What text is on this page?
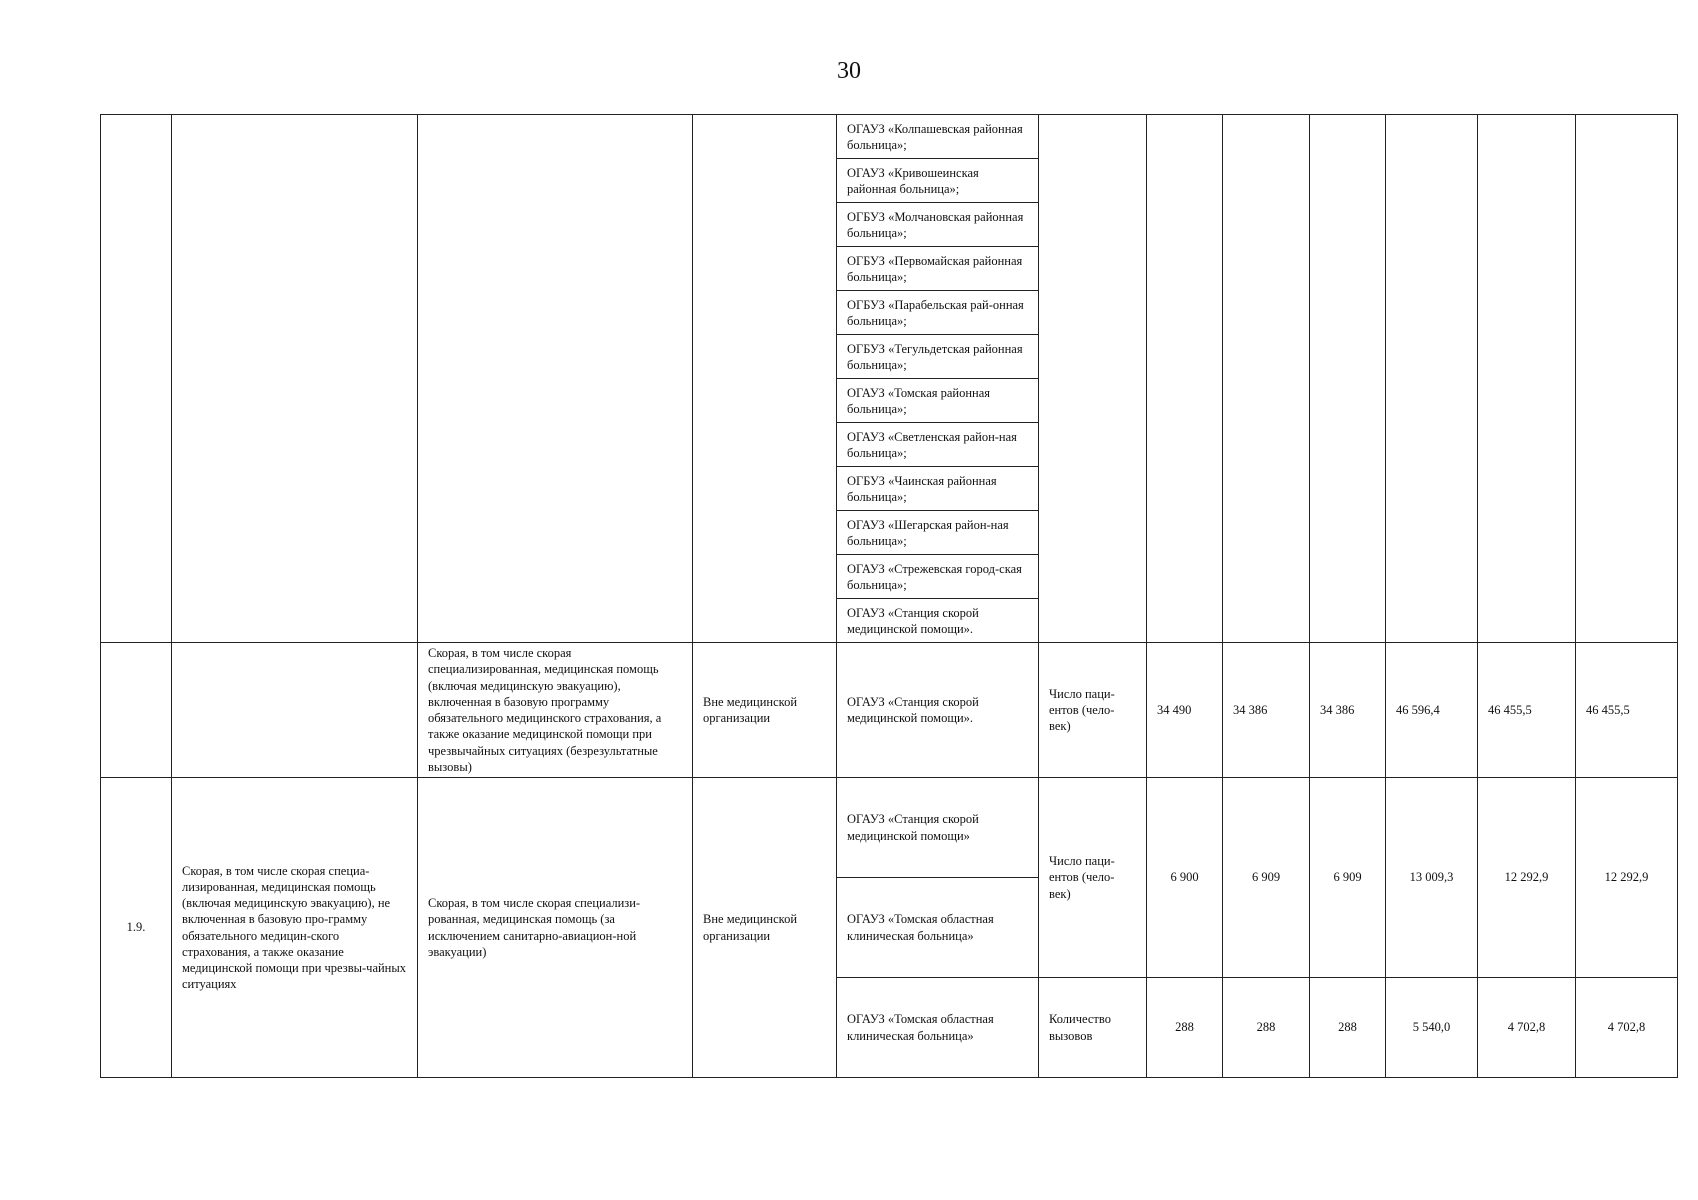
30
				ОГАУЗ «Колпашевская районная больница»;							
				ОГАУЗ «Кривошеинская районная больница»;							
				ОГБУЗ «Молчановская районная больница»;							
				ОГБУЗ «Первомайская районная больница»;							
				ОГБУЗ «Парабельская рай-онная больница»;							
				ОГБУЗ «Тегульдетская районная больница»;							
				ОГАУЗ «Томская районная больница»;							
				ОГАУЗ «Светленская район-ная больница»;							
				ОГБУЗ «Чаинская районная больница»;							
				ОГАУЗ «Шегарская район-ная больница»;							
				ОГАУЗ «Стрежевская город-ская больница»;							
				ОГАУЗ «Станция скорой медицинской помощи».							
		Скорая, в том числе скорая специализированная, медицинская помощь (включая медицинскую эвакуацию), включенная в базовую программу обязательного медицинского страхования, а также оказание медицинской помощи при чрезвычайных ситуациях (безрезультатные вызовы)	Вне медицинской организации	ОГАУЗ «Станция скорой медицинской помощи».	Число паци-ентов (чело-век)	34 490	34 386	34 386	46 596,4	46 455,5	46 455,5
1.9.	Скорая, в том числе скорая специа-лизированная, медицинская помощь (включая медицинскую эвакуацию), не включенная в базовую про-грамму обязательного медицин-ского страхования, а также оказание медицинской помощи при чрезвы-чайных ситуациях	Скорая, в том числе скорая специализи-рованная, медицинская помощь (за исключением санитарно-авиацион-ной эвакуации)	Вне медицинской организации	ОГАУЗ «Станция скорой медицинской помощи»	Число паци-ентов (чело-век)	6 900	6 909	6 909	13 009,3	12 292,9	12 292,9
				ОГАУЗ «Томская областная клиническая больница»							
				ОГАУЗ «Томская областная клиническая больница»	Количество вызовов	288	288	288	5 540,0	4 702,8	4 702,8
